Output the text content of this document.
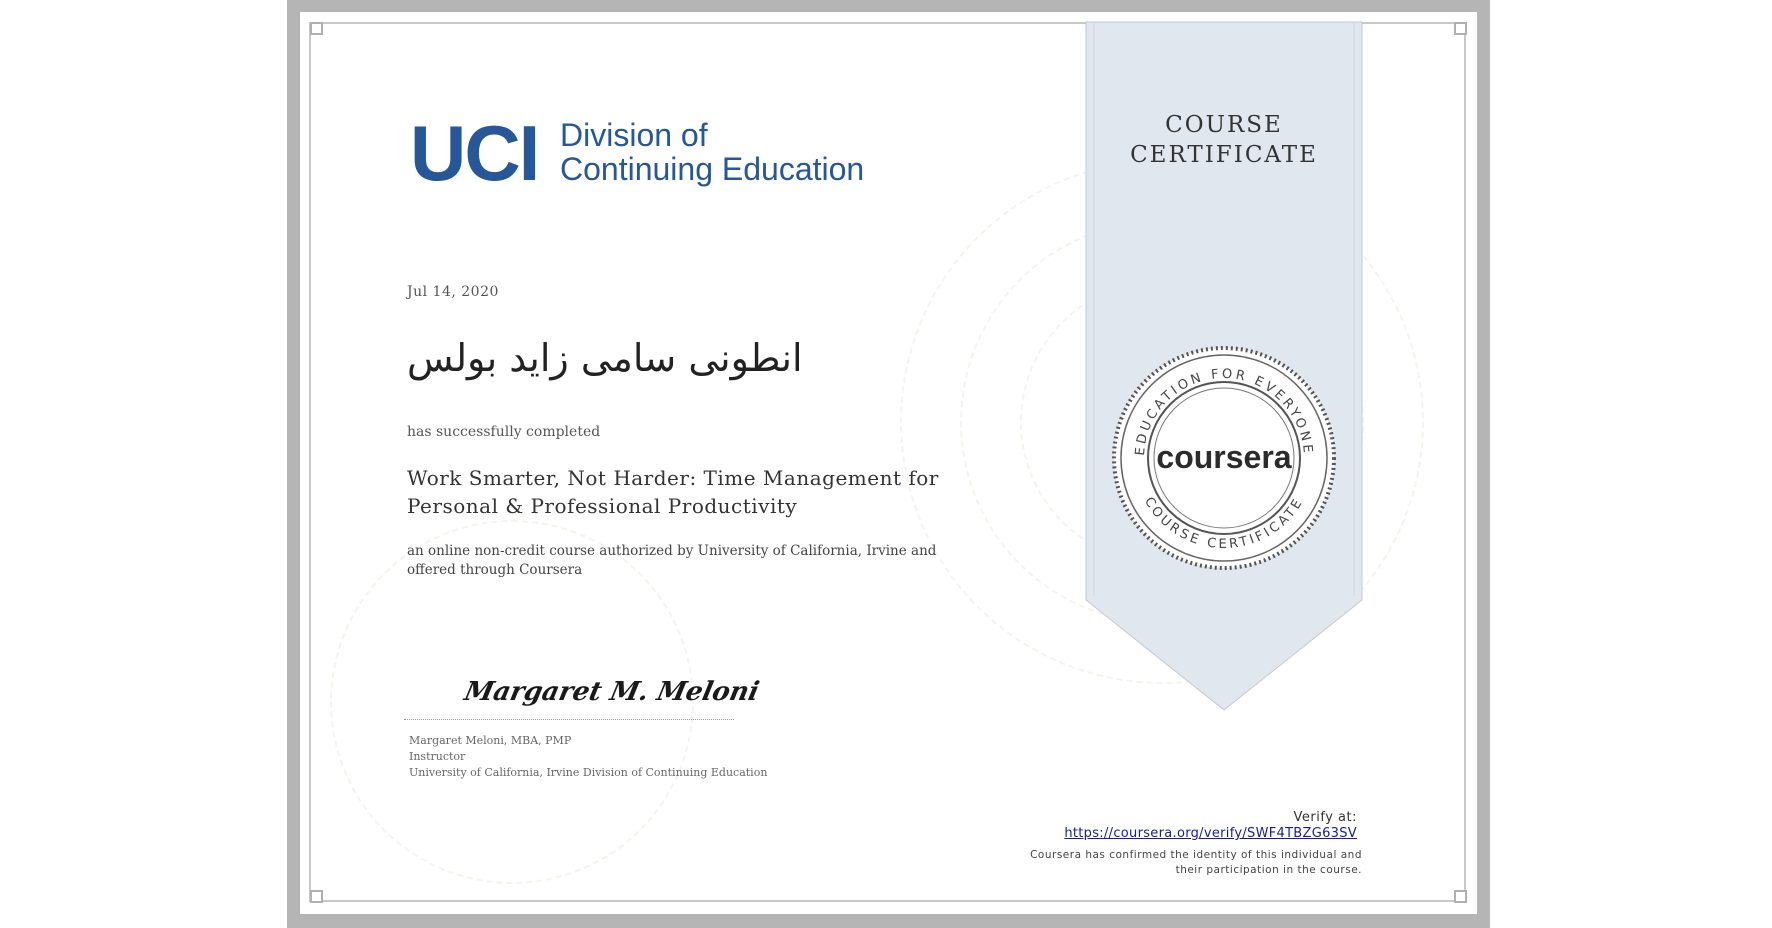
UCI Division of
Continuing Education
Jul 14, 2020
انطونی سامی زاید بولس
has successfully completed
Work Smarter, Not Harder: Time Management for Personal & Professional Productivity
an online non-credit course authorized by University of California, Irvine and offered through Coursera
Margaret M. Meloni
Margaret Meloni, MBA, PMP
Instructor
University of California, Irvine Division of Continuing Education
COURSE
CERTIFICATE
EDUCATION FOR EVERYONE
COURSE CERTIFICATE
coursera
Verify at:
https://coursera.org/verify/SWF4TBZG63SV
Coursera has confirmed the identity of this individual and their participation in the course.
